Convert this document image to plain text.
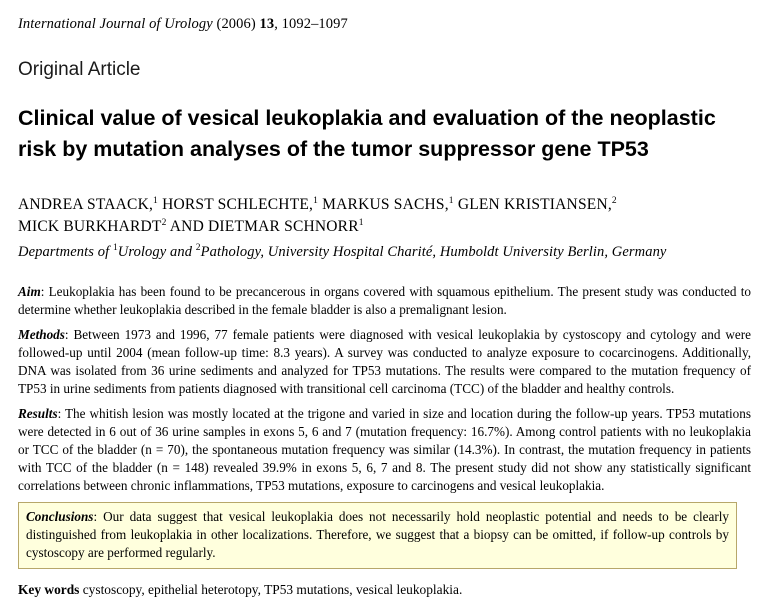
International Journal of Urology (2006) 13, 1092–1097
Original Article
Clinical value of vesical leukoplakia and evaluation of the neoplastic risk by mutation analyses of the tumor suppressor gene TP53
ANDREA STAACK,$^1$ HORST SCHLECHTE,$^1$ MARKUS SACHS,$^1$ GLEN KRISTIANSEN,$^2$
MICK BURKHARDT$^2$ AND DIETMAR SCHNORR$^1$
Departments of $^1$Urology and $^2$Pathology, University Hospital Charité, Humboldt University Berlin, Germany

Aim: Leukoplakia has been found to be precancerous in organs covered with squamous epithelium. The present study was conducted to determine whether leukoplakia described in the female bladder is also a premalignant lesion.

Methods: Between 1973 and 1996, 77 female patients were diagnosed with vesical leukoplakia by cystoscopy and cytology and were followed-up until 2004 (mean follow-up time: 8.3 years). A survey was conducted to analyze exposure to cocarcinogens. Additionally, DNA was isolated from 36 urine sediments and analyzed for TP53 mutations. The results were compared to the mutation frequency of TP53 in urine sediments from patients diagnosed with transitional cell carcinoma (TCC) of the bladder and healthy controls.

Results: The whitish lesion was mostly located at the trigone and varied in size and location during the follow-up years. TP53 mutations were detected in 6 out of 36 urine samples in exons 5, 6 and 7 (mutation frequency: 16.7%). Among control patients with no leukoplakia or TCC of the bladder (n = 70), the spontaneous mutation frequency was similar (14.3%). In contrast, the mutation frequency in patients with TCC of the bladder (n = 148) revealed 39.9% in exons 5, 6, 7 and 8. The present study did not show any statistically significant correlations between chronic inflammations, TP53 mutations, exposure to carcinogens and vesical leukoplakia.

Conclusions: Our data suggest that vesical leukoplakia does not necessarily hold neoplastic potential and needs to be clearly distinguished from leukoplakia in other localizations. Therefore, we suggest that a biopsy can be omitted, if follow-up controls by cystoscopy are performed regularly.
Key words cystoscopy, epithelial heterotopy, TP53 mutations, vesical leukoplakia.
